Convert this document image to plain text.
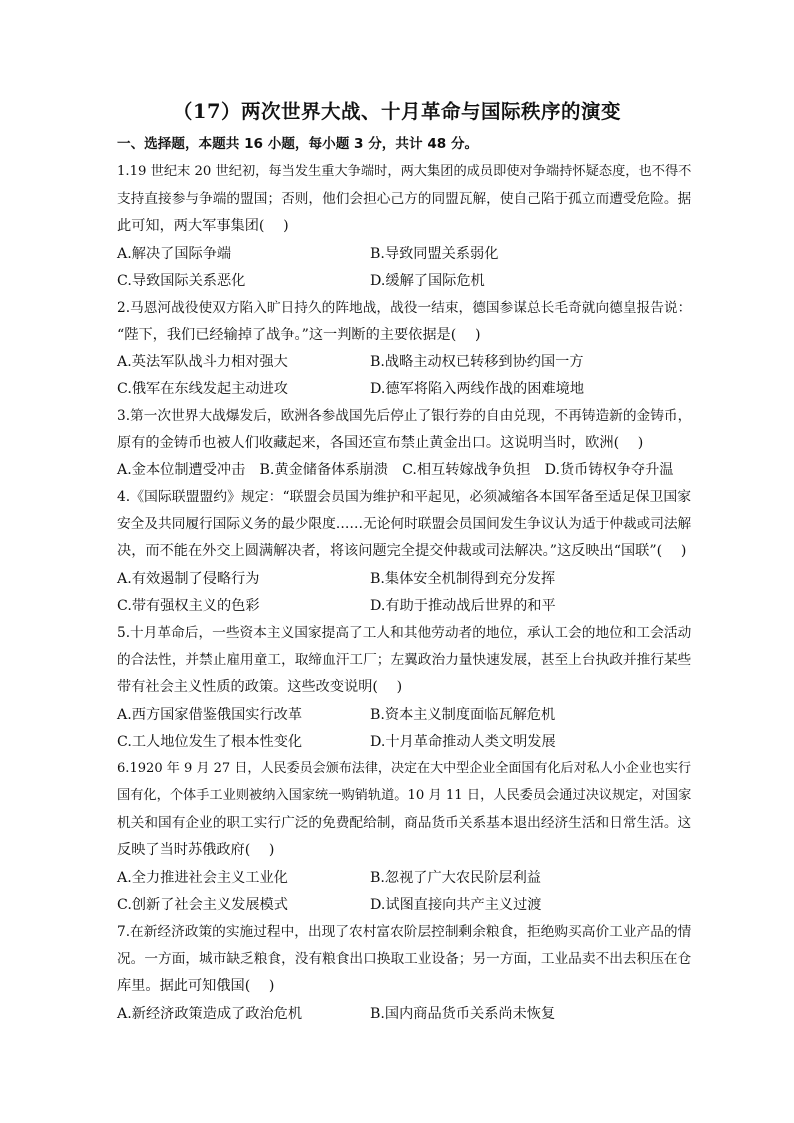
（17）两次世界大战、十月革命与国际秩序的演变
一、选择题，本题共 16 小题，每小题 3 分，共计 48 分。
1.19 世纪末 20 世纪初，每当发生重大争端时，两大集团的成员即使对争端持怀疑态度，也不得不
支持直接参与争端的盟国；否则，他们会担心己方的同盟瓦解，使自己陷于孤立而遭受危险。据
此可知，两大军事集团(　 )
A.解决了国际争端	B.导致同盟关系弱化
C.导致国际关系恶化	D.缓解了国际危机
2.马恩河战役使双方陷入旷日持久的阵地战，战役一结束，德国参谋总长毛奇就向德皇报告说：
“陛下，我们已经输掉了战争。”这一判断的主要依据是(　 )
A.英法军队战斗力相对强大	B.战略主动权已转移到协约国一方
C.俄军在东线发起主动进攻	D.德军将陷入两线作战的困难境地
3.第一次世界大战爆发后，欧洲各参战国先后停止了银行券的自由兑现，不再铸造新的金铸币，
原有的金铸币也被人们收藏起来，各国还宣布禁止黄金出口。这说明当时，欧洲(　 )
A.金本位制遭受冲击　B.黄金储备体系崩溃　C.相互转嫁战争负担　D.货币铸权争夺升温
4.《国际联盟盟约》规定：“联盟会员国为维护和平起见，必须减缩各本国军备至适足保卫国家
安全及共同履行国际义务的最少限度……无论何时联盟会员国间发生争议认为适于仲裁或司法解
决，而不能在外交上圆满解决者，将该问题完全提交仲裁或司法解决。”这反映出“国联”(　 )
A.有效遏制了侵略行为	B.集体安全机制得到充分发挥
C.带有强权主义的色彩	D.有助于推动战后世界的和平
5.十月革命后，一些资本主义国家提高了工人和其他劳动者的地位，承认工会的地位和工会活动
的合法性，并禁止雇用童工，取缔血汗工厂；左翼政治力量快速发展，甚至上台执政并推行某些
带有社会主义性质的政策。这些改变说明(　 )
A.西方国家借鉴俄国实行改革	B.资本主义制度面临瓦解危机
C.工人地位发生了根本性变化	D.十月革命推动人类文明发展
6.1920 年 9 月 27 日，人民委员会颁布法律，决定在大中型企业全面国有化后对私人小企业也实行
国有化，个体手工业则被纳入国家统一购销轨道。10 月 11 日，人民委员会通过决议规定，对国家
机关和国有企业的职工实行广泛的免费配给制，商品货币关系基本退出经济生活和日常生活。这
反映了当时苏俄政府(　 )
A.全力推进社会主义工业化	B.忽视了广大农民阶层利益
C.创新了社会主义发展模式	D.试图直接向共产主义过渡
7.在新经济政策的实施过程中，出现了农村富农阶层控制剩余粮食，拒绝购买高价工业产品的情
况。一方面，城市缺乏粮食，没有粮食出口换取工业设备；另一方面，工业品卖不出去积压在仓
库里。据此可知俄国(　 )
A.新经济政策造成了政治危机	B.国内商品货币关系尚未恢复
